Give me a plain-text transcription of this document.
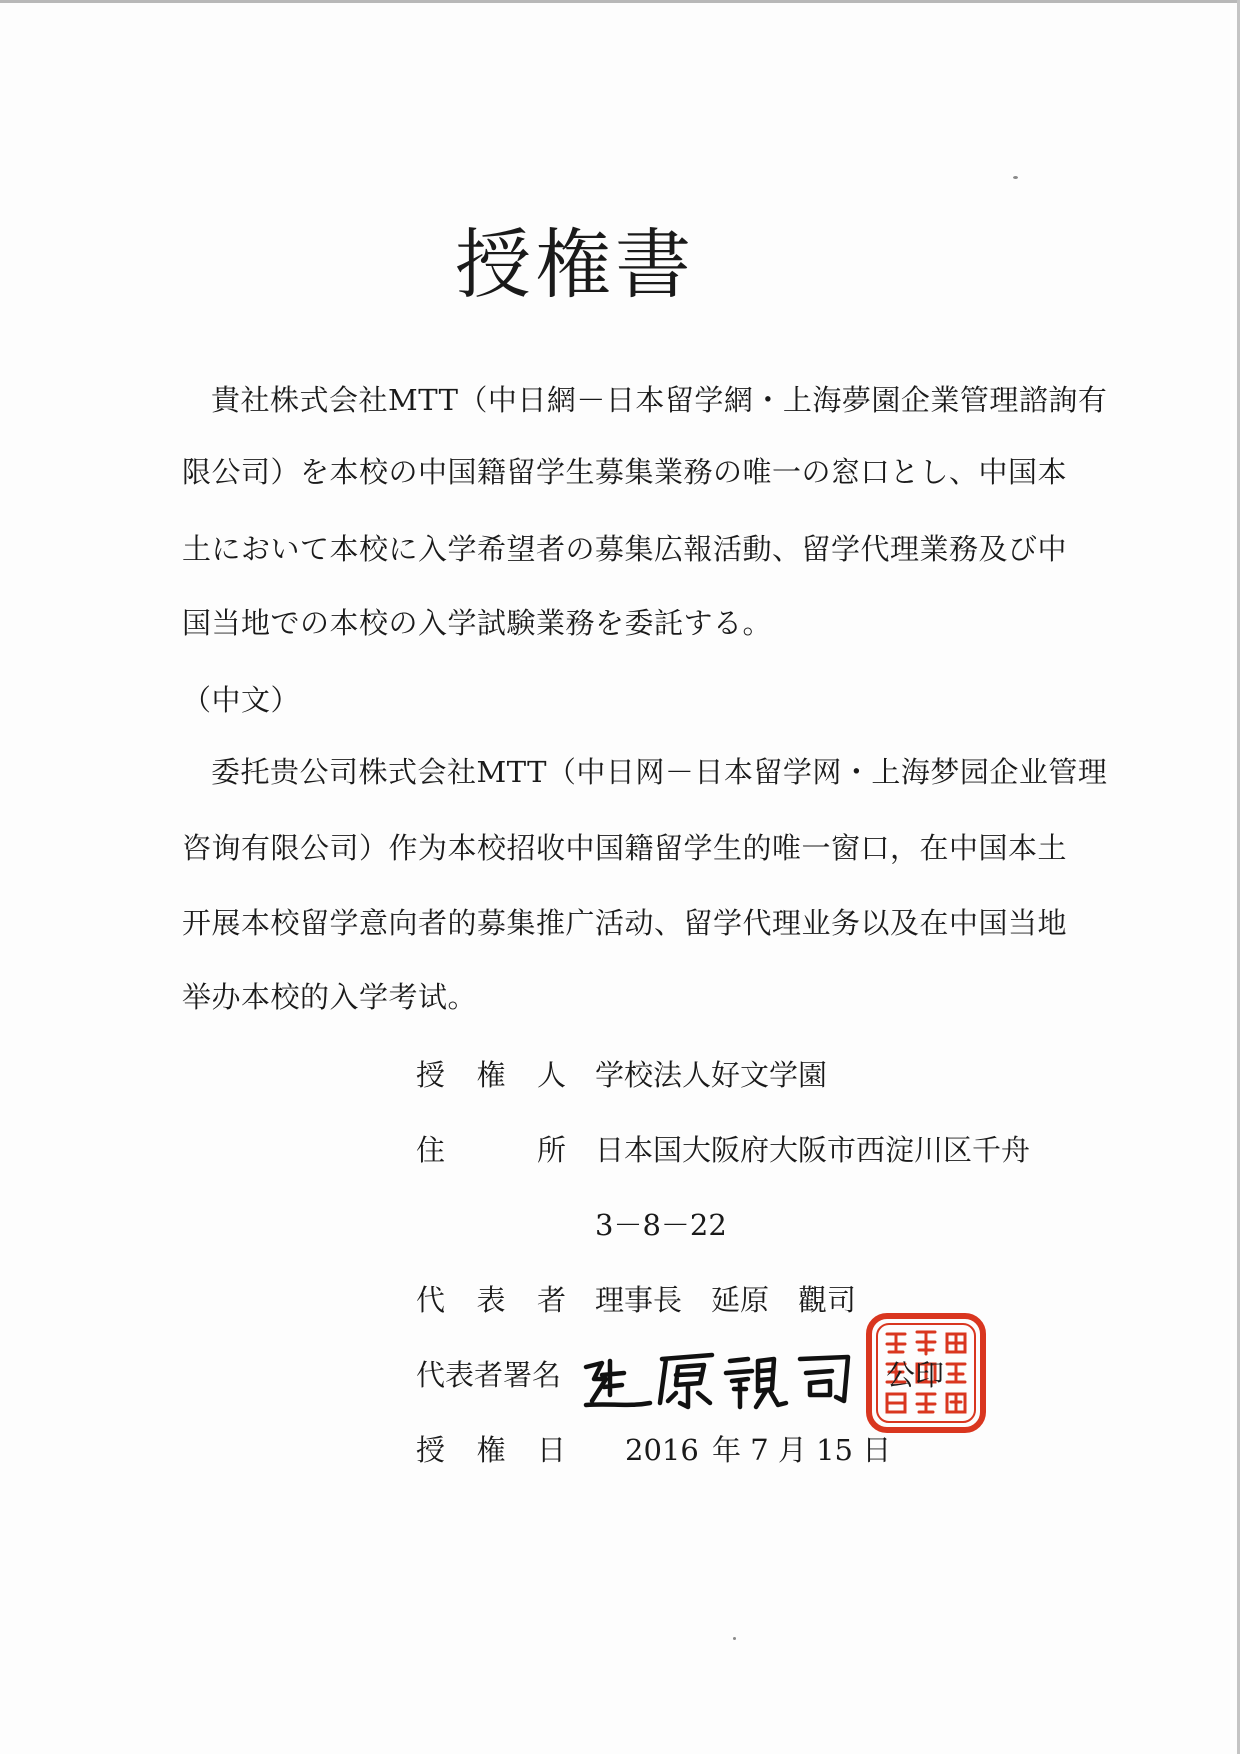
授権書
貴社株式会社MTT（中日網－日本留学網・上海夢園企業管理諮詢有
限公司）を本校の中国籍留学生募集業務の唯一の窓口とし、中国本
土において本校に入学希望者の募集広報活動、留学代理業務及び中
国当地での本校の入学試験業務を委託する。
（中文）
委托贵公司株式会社MTT（中日网－日本留学网・上海梦园企业管理
咨询有限公司）作为本校招收中国籍留学生的唯一窗口，在中国本土
开展本校留学意向者的募集推广活动、留学代理业务以及在中国当地
举办本校的入学考试。
授 権 人 学校法人好文学園
住	所 日本国大阪府大阪市西淀川区千舟
3－8－22
代 表 者 理事長　延原　觀司
代表者署名	公印
授 権 日 2016 年 7 月 15 日
